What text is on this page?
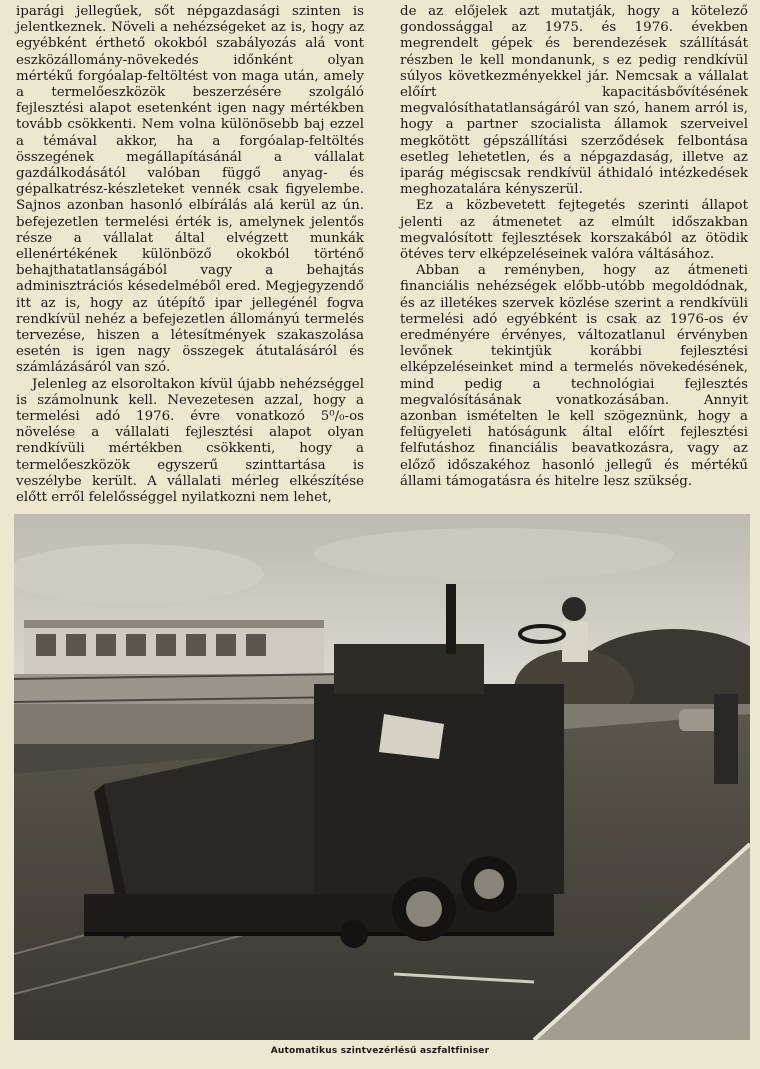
iparági jellegűek, sőt népgazdasági szinten is jelentkeznek. Növeli a nehézségeket az is, hogy az egyébként érthető okokból szabályozás alá vont eszközállomány-növekedés időnként olyan mértékű forgóalap-feltöltést von maga után, amely a termelőeszközök beszerzésére szolgáló fejlesztési alapot esetenként igen nagy mértékben tovább csökkenti. Nem volna különösebb baj ezzel a témával akkor, ha a forgóalap-feltöltés összegének megállapításánál a vállalat gazdálkodásától valóban függő anyag- és gépalkatrész-készleteket vennék csak figyelembe. Sajnos azonban hasonló elbírálás alá kerül az ún. befejezetlen termelési érték is, amelynek jelentős része a vállalat által elvégzett munkák ellenértékének különböző okokból történő behajthatatlanságából vagy a behajtás adminisztrációs késedelméből ered. Megjegyzendő itt az is, hogy az útépítő ipar jellegénél fogva rendkívül nehéz a befejezetlen állományú termelés tervezése, hiszen a létesítmények szakaszolása esetén is igen nagy összegek átutalásáról és számlázásáról van szó.

Jelenleg az elsoroltakon kívül újabb nehézséggel is számolnunk kell. Nevezetesen azzal, hogy a termelési adó 1976. évre vonatkozó 5⁰/₀-os növelése a vállalati fejlesztési alapot olyan rendkívüli mértékben csökkenti, hogy a termelőeszközök egyszerű szinttartása is veszélybe került. A vállalati mérleg elkészítése előtt erről felelősséggel nyilatkozni nem lehet,

de az előjelek azt mutatják, hogy a kötelező gondossággal az 1975. és 1976. években megrendelt gépek és berendezések szállítását részben le kell mondanunk, s ez pedig rendkívül súlyos következményekkel jár. Nemcsak a vállalat előírt kapacitásbővítésének megvalósíthatatlanságáról van szó, hanem arról is, hogy a partner szocialista államok szerveivel megkötött gépszállítási szerződések felbontása esetleg lehetetlen, és a népgazdaság, illetve az iparág mégiscsak rendkívül áthidaló intézkedések meghozatalára kényszerül.

Ez a közbevetett fejtegetés szerinti állapot jelenti az átmenetet az elmúlt időszakban megvalósított fejlesztések korszakából az ötödik ötéves terv elképzeléseinek valóra váltásához.

Abban a reményben, hogy az átmeneti financiális nehézségek előbb-utóbb megoldódnak, és az illetékes szervek közlése szerint a rendkívüli termelési adó egyébként is csak az 1976-os év eredményére érvényes, változatlanul érvényben levőnek tekintjük korábbi fejlesztési elképzeléseinket mind a termelés növekedésének, mind pedig a technológiai fejlesztés megvalósításának vonatkozásában. Annyit azonban ismételten le kell szögeznünk, hogy a felügyeleti hatóságunk által előírt fejlesztési felfutáshoz financiális beavatkozásra, vagy az előző időszakéhoz hasonló jellegű és mértékű állami támogatásra és hitelre lesz szükség.

Automatikus szintvezérlésű aszfaltfiniser
